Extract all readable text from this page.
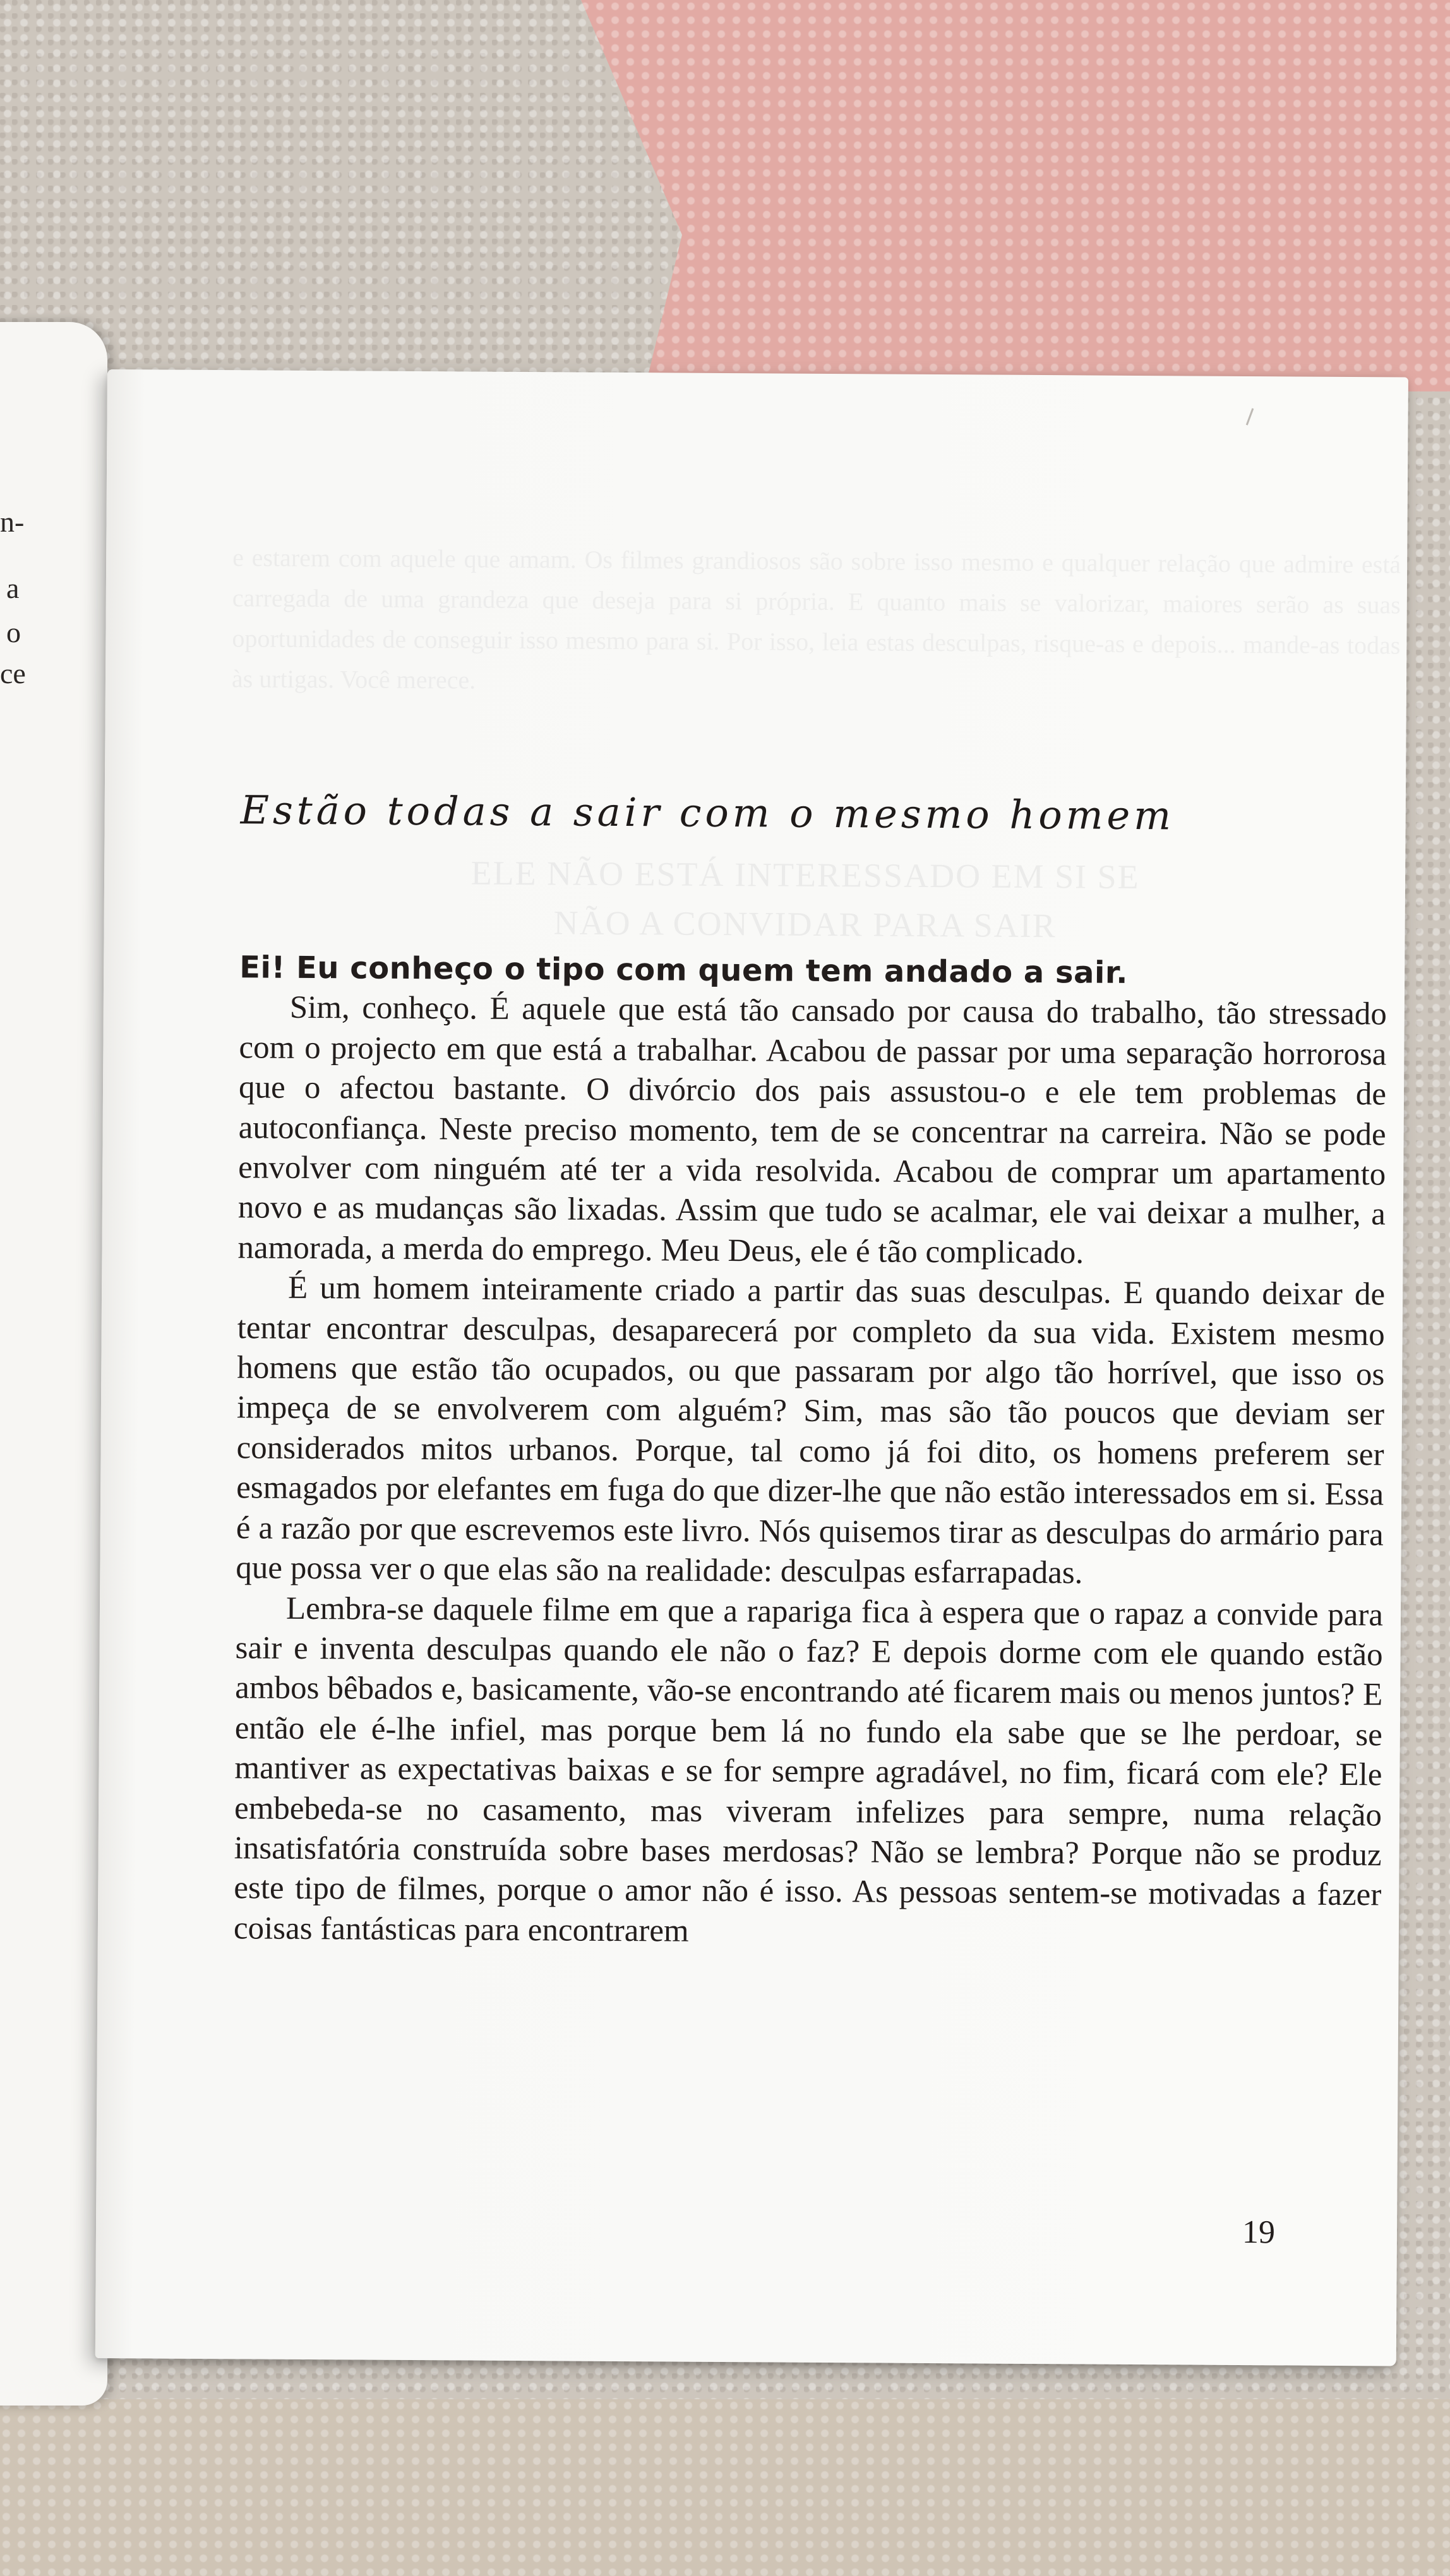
n-
a
o
ce
e estarem com aquele que amam. Os filmes grandiosos são sobre isso mesmo e qualquer relação que admire está carregada de uma grandeza que deseja para si própria. E quanto mais se valorizar, maiores serão as suas oportunidades de conseguir isso mesmo para si. Por isso, leia estas desculpas, risque-as e depois... mande-as todas às urtigas. Você merece.
ELE NÃO ESTÁ INTERESSADO EM SI SE NÃO A CONVIDAR PARA SAIR
Estão todas a sair com o mesmo homem

Ei! Eu conheço o tipo com quem tem andado a sair.

Sim, conheço. É aquele que está tão cansado por causa do trabalho, tão stressado com o projecto em que está a trabalhar. Acabou de passar por uma separação horrorosa que o afectou bastante. O divórcio dos pais assustou-o e ele tem problemas de autoconfiança. Neste preciso momento, tem de se concentrar na carreira. Não se pode envolver com ninguém até ter a vida resolvida. Acabou de comprar um apartamento novo e as mudanças são lixadas. Assim que tudo se acalmar, ele vai deixar a mulher, a namorada, a merda do emprego. Meu Deus, ele é tão complicado.

É um homem inteiramente criado a partir das suas desculpas. E quando deixar de tentar encontrar desculpas, desaparecerá por completo da sua vida. Existem mesmo homens que estão tão ocupados, ou que passaram por algo tão horrível, que isso os impeça de se envolverem com alguém? Sim, mas são tão poucos que deviam ser considerados mitos urbanos. Porque, tal como já foi dito, os homens preferem ser esmagados por elefantes em fuga do que dizer-lhe que não estão interessados em si. Essa é a razão por que escrevemos este livro. Nós quisemos tirar as desculpas do armário para que possa ver o que elas são na realidade: desculpas esfarrapadas.

Lembra-se daquele filme em que a rapariga fica à espera que o rapaz a convide para sair e inventa desculpas quando ele não o faz? E depois dorme com ele quando estão ambos bêbados e, basicamente, vão-se encontrando até ficarem mais ou menos juntos? E então ele é-lhe infiel, mas porque bem lá no fundo ela sabe que se lhe perdoar, se mantiver as expectativas baixas e se for sempre agradável, no fim, ficará com ele? Ele embebeda-se no casamento, mas viveram infelizes para sempre, numa relação insatisfatória construída sobre bases merdosas? Não se lembra? Porque não se produz este tipo de filmes, porque o amor não é isso. As pessoas sentem-se motivadas a fazer coisas fantásticas para encontrarem

19
